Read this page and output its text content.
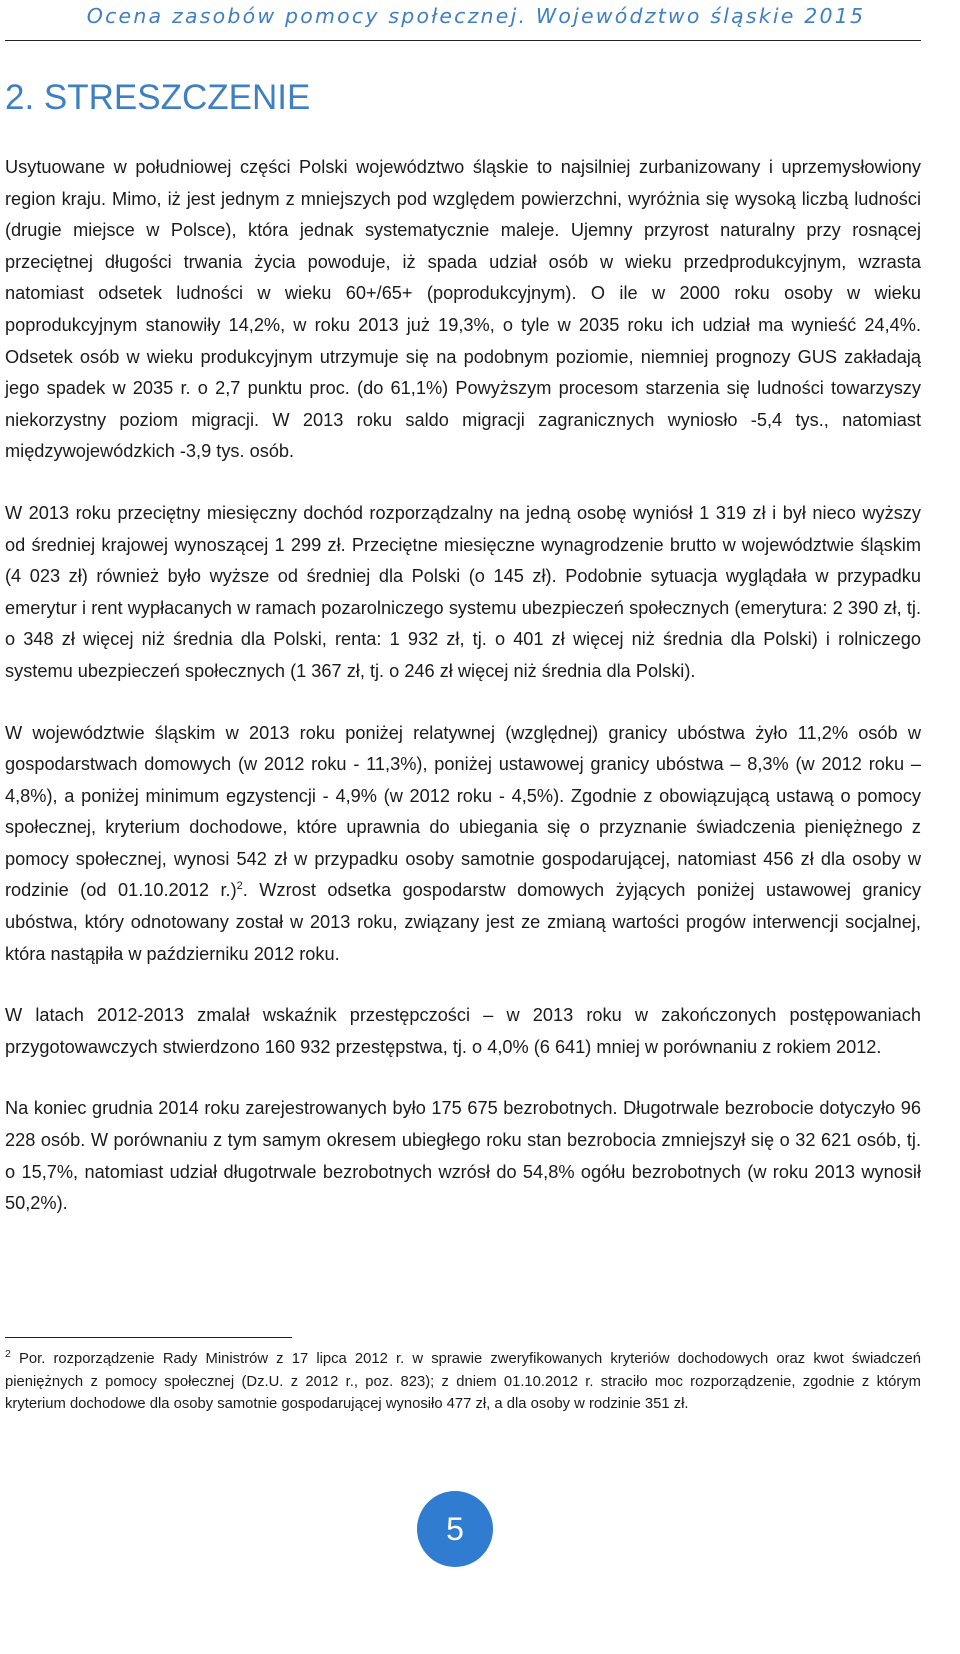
Ocena zasobów pomocy społecznej. Województwo śląskie 2015
2. STRESZCZENIE

Usytuowane w południowej części Polski województwo śląskie to najsilniej zurbanizowany i uprzemysłowiony region kraju. Mimo, iż jest jednym z mniejszych pod względem powierzchni, wyróżnia się wysoką liczbą ludności (drugie miejsce w Polsce), która jednak systematycznie maleje. Ujemny przyrost naturalny przy rosnącej przeciętnej długości trwania życia powoduje, iż spada udział osób w wieku przedprodukcyjnym, wzrasta natomiast odsetek ludności w wieku 60+/65+ (poprodukcyjnym). O ile w 2000 roku osoby w wieku poprodukcyjnym stanowiły 14,2%, w roku 2013 już 19,3%, o tyle w 2035 roku ich udział ma wynieść 24,4%. Odsetek osób w wieku produkcyjnym utrzymuje się na podobnym poziomie, niemniej prognozy GUS zakładają jego spadek w 2035 r. o 2,7 punktu proc. (do 61,1%) Powyższym procesom starzenia się ludności towarzyszy niekorzystny poziom migracji. W 2013 roku saldo migracji zagranicznych wyniosło -5,4 tys., natomiast międzywojewódzkich -3,9 tys. osób.

W 2013 roku przeciętny miesięczny dochód rozporządzalny na jedną osobę wyniósł 1 319 zł i był nieco wyższy od średniej krajowej wynoszącej 1 299 zł. Przeciętne miesięczne wynagrodzenie brutto w województwie śląskim (4 023 zł) również było wyższe od średniej dla Polski (o 145 zł). Podobnie sytuacja wyglądała w przypadku emerytur i rent wypłacanych w ramach pozarolniczego systemu ubezpieczeń społecznych (emerytura: 2 390 zł, tj. o 348 zł więcej niż średnia dla Polski, renta: 1 932 zł, tj. o 401 zł więcej niż średnia dla Polski) i rolniczego systemu ubezpieczeń społecznych (1 367 zł, tj. o 246 zł więcej niż średnia dla Polski).

W województwie śląskim w 2013 roku poniżej relatywnej (względnej) granicy ubóstwa żyło 11,2% osób w gospodarstwach domowych (w 2012 roku - 11,3%), poniżej ustawowej granicy ubóstwa – 8,3% (w 2012 roku – 4,8%), a poniżej minimum egzystencji - 4,9% (w 2012 roku - 4,5%). Zgodnie z obowiązującą ustawą o pomocy społecznej, kryterium dochodowe, które uprawnia do ubiegania się o przyznanie świadczenia pieniężnego z pomocy społecznej, wynosi 542 zł w przypadku osoby samotnie gospodarującej, natomiast 456 zł dla osoby w rodzinie (od 01.10.2012 r.)$^2$. Wzrost odsetka gospodarstw domowych żyjących poniżej ustawowej granicy ubóstwa, który odnotowany został w 2013 roku, związany jest ze zmianą wartości progów interwencji socjalnej, która nastąpiła w październiku 2012 roku.

W latach 2012-2013 zmalał wskaźnik przestępczości – w 2013 roku w zakończonych postępowaniach przygotowawczych stwierdzono 160 932 przestępstwa, tj. o 4,0% (6 641) mniej w porównaniu z rokiem 2012.

Na koniec grudnia 2014 roku zarejestrowanych było 175 675 bezrobotnych. Długotrwale bezrobocie dotyczyło 96 228 osób. W porównaniu z tym samym okresem ubiegłego roku stan bezrobocia zmniejszył się o 32 621 osób, tj. o 15,7%, natomiast udział długotrwale bezrobotnych wzrósł do 54,8% ogółu bezrobotnych (w roku 2013 wynosił 50,2%).

$^2$ Por. rozporządzenie Rady Ministrów z 17 lipca 2012 r. w sprawie zweryfikowanych kryteriów dochodowych oraz kwot świadczeń pieniężnych z pomocy społecznej (Dz.U. z 2012 r., poz. 823); z dniem 01.10.2012 r. straciło moc rozporządzenie, zgodnie z którym kryterium dochodowe dla osoby samotnie gospodarującej wynosiło 477 zł, a dla osoby w rodzinie 351 zł.

5
